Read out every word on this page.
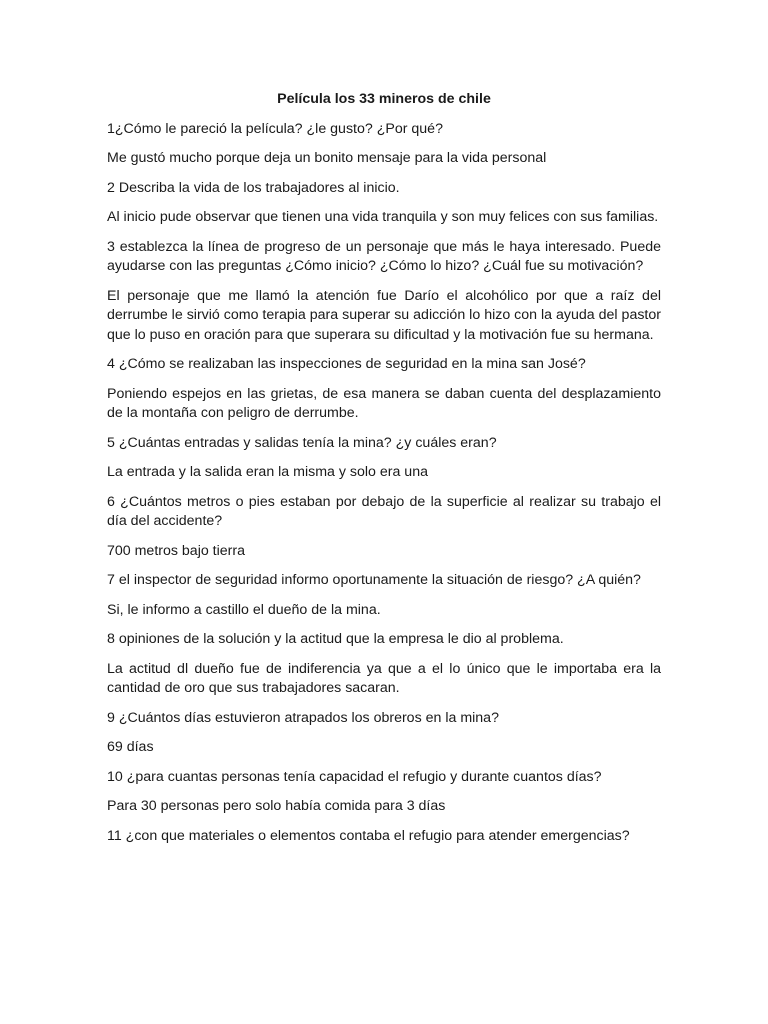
Película los 33 mineros de chile

1¿Cómo le pareció la película? ¿le gusto? ¿Por qué?

Me gustó mucho porque deja un bonito mensaje para la vida personal

2 Describa la vida de los trabajadores al inicio.

Al inicio pude observar que tienen una vida tranquila y son muy felices con sus familias.

3 establezca la línea de progreso de un personaje que más le haya interesado. Puede ayudarse con las preguntas ¿Cómo inicio? ¿Cómo lo hizo? ¿Cuál fue su motivación?

El personaje que me llamó la atención fue Darío el alcohólico por que a raíz del derrumbe le sirvió como terapia para superar su adicción lo hizo con la ayuda del pastor que lo puso en oración para que superara su dificultad y la motivación fue su hermana.

4 ¿Cómo se realizaban las inspecciones de seguridad en la mina san José?

Poniendo espejos en las grietas, de esa manera se daban cuenta del desplazamiento de la montaña con peligro de derrumbe.

5 ¿Cuántas entradas y salidas tenía la mina? ¿y cuáles eran?

La entrada y la salida eran la misma y solo era una

6 ¿Cuántos metros o pies estaban por debajo de la superficie al realizar su trabajo el día del accidente?

700 metros bajo tierra

7 el inspector de seguridad informo oportunamente la situación de riesgo? ¿A quién?

Si, le informo a castillo el dueño de la mina.

8 opiniones de la solución y la actitud que la empresa le dio al problema.

La actitud dl dueño fue de indiferencia ya que a el lo único que le importaba era la cantidad de oro que sus trabajadores sacaran.

9 ¿Cuántos días estuvieron atrapados los obreros en la mina?

69 días

10 ¿para cuantas personas tenía capacidad el refugio y durante cuantos días?

Para 30 personas pero solo había comida para 3 días

11 ¿con que materiales o elementos contaba el refugio para atender emergencias?
